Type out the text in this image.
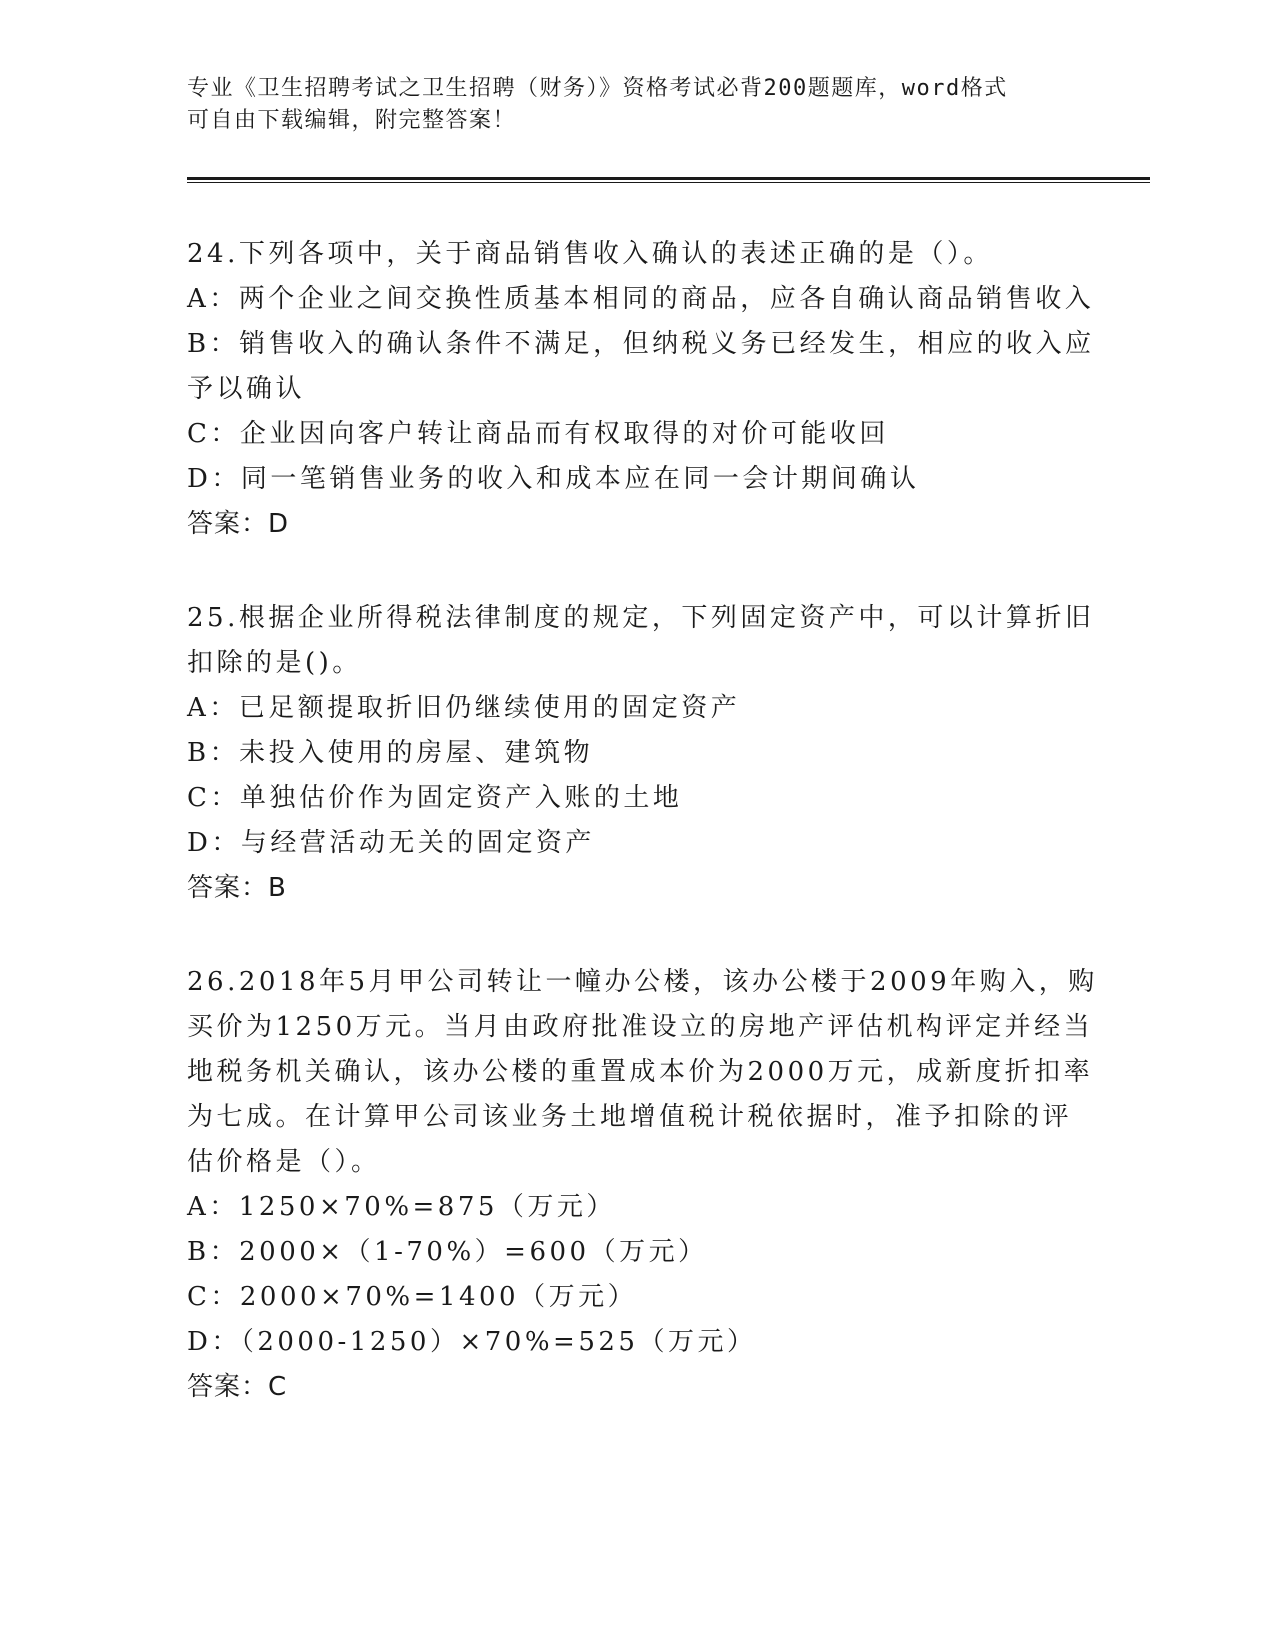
专业《卫生招聘考试之卫生招聘（财务）》资格考试必背200题题库，word格式
可自由下载编辑，附完整答案！
24.下列各项中，关于商品销售收入确认的表述正确的是（）。
A：两个企业之间交换性质基本相同的商品，应各自确认商品销售收入
B：销售收入的确认条件不满足，但纳税义务已经发生，相应的收入应
予以确认
C：企业因向客户转让商品而有权取得的对价可能收回
D：同一笔销售业务的收入和成本应在同一会计期间确认
答案：D
25.根据企业所得税法律制度的规定，下列固定资产中，可以计算折旧
扣除的是()。
A：已足额提取折旧仍继续使用的固定资产
B：未投入使用的房屋、建筑物
C：单独估价作为固定资产入账的土地
D：与经营活动无关的固定资产
答案：B
26.2018年5月甲公司转让一幢办公楼，该办公楼于2009年购入，购
买价为1250万元。当月由政府批准设立的房地产评估机构评定并经当
地税务机关确认，该办公楼的重置成本价为2000万元，成新度折扣率
为七成。在计算甲公司该业务土地增值税计税依据时，准予扣除的评
估价格是（）。
A：1250×70%=875（万元）
B：2000×（1-70%）=600（万元）
C：2000×70%=1400（万元）
D：（2000-1250）×70%=525（万元）
答案：C
